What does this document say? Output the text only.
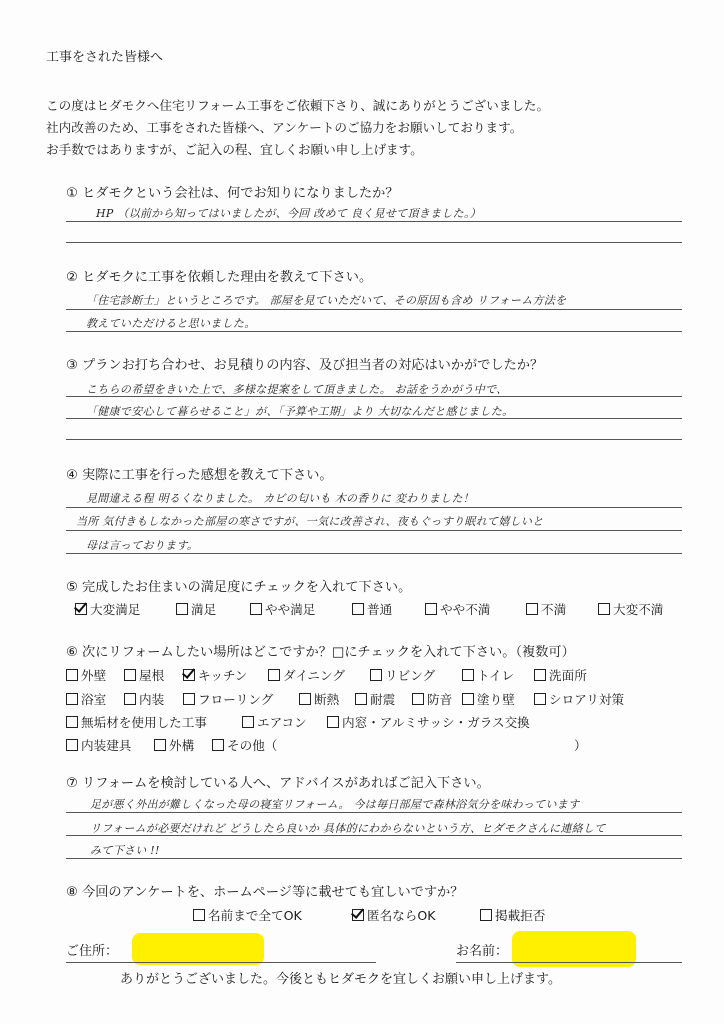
工事をされた皆様へ
この度はヒダモクへ住宅リフォーム工事をご依頼下さり、誠にありがとうございました。
社内改善のため、工事をされた皆様へ、アンケートのご協力をお願いしております。
お手数ではありますが、ご記入の程、宜しくお願い申し上げます。
① ヒダモクという会社は、何でお知りになりましたか？
HP （以前から知ってはいましたが、今回 改めて 良く見せて頂きました。）
② ヒダモクに工事を依頼した理由を教えて下さい。
「住宅診断士」というところです。 部屋を見ていただいて、その原因も含め リフォーム方法を
教えていただけると思いました。
③ プランお打ち合わせ、お見積りの内容、及び担当者の対応はいかがでしたか？
こちらの希望をきいた上で、多様な提案をして頂きました。 お話をうかがう中で、
「健康で安心して暮らせること」が、「予算や工期」より 大切なんだと感じました。
④ 実際に工事を行った感想を教えて下さい。
見間違える程 明るくなりました。 カビの匂いも 木の香りに 変わりました！
当所 気付きもしなかった部屋の寒さですが、一気に改善され、夜もぐっすり眠れて嬉しいと
母は言っております。
⑤ 完成したお住まいの満足度にチェックを入れて下さい。
大変満足	満足	やや満足	普通	やや不満	不満	大変不満
⑥ 次にリフォームしたい場所はどこですか？□にチェックを入れて下さい。（複数可）
外壁	屋根	キッチン	ダイニング	リビング	トイレ	洗面所
浴室	内装	フローリング	断熱	耐震	防音	塗り壁	シロアリ対策
無垢材を使用した工事	エアコン	内窓・アルミサッシ・ガラス交換
内装建具	外構	その他（	）
⑦ リフォームを検討している人へ、アドバイスがあればご記入下さい。
足が悪く外出が難しくなった母の寝室リフォーム。 今は毎日部屋で森林浴気分を味わっています
リフォームが必要だけれど どうしたら良いか 具体的にわからないという方、ヒダモクさんに連絡して
みて下さい !!
⑧ 今回のアンケートを、ホームページ等に載せても宜しいですか？
名前まで全てOK	匿名ならOK	掲載拒否
ご住所：	お名前：
ありがとうございました。今後ともヒダモクを宜しくお願い申し上げます。
